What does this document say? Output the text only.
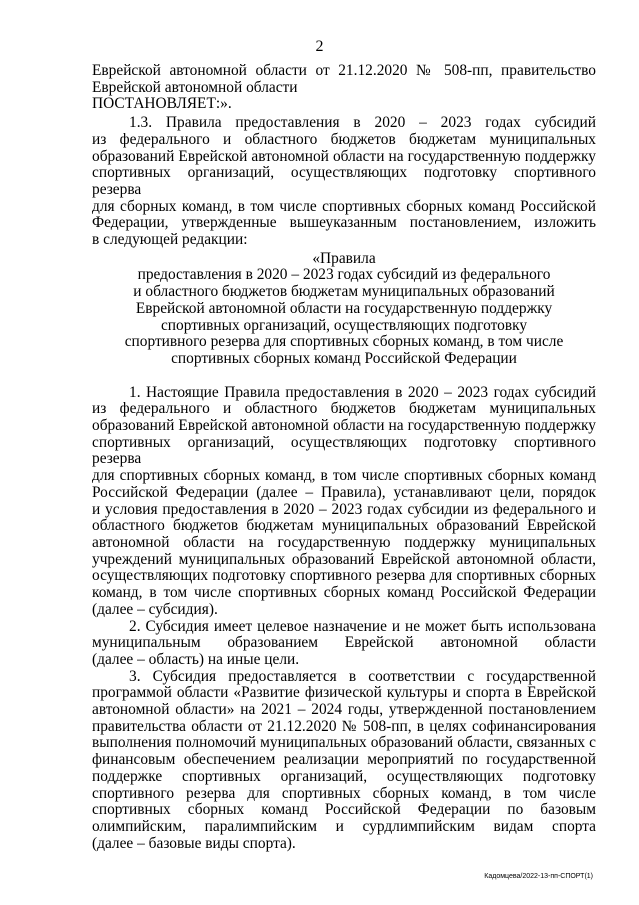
2

Еврейской автономной области от 21.12.2020 № 508-пп, правительство

Еврейской автономной области

ПОСТАНОВЛЯЕТ:».

1.3. Правила предоставления в 2020 – 2023 годах субсидий

из федерального и областного бюджетов бюджетам муниципальных

образований Еврейской автономной области на государственную поддержку

спортивных организаций, осуществляющих подготовку спортивного резерва

для сборных команд, в том числе спортивных сборных команд Российской

Федерации, утвержденные вышеуказанным постановлением, изложить

в следующей редакции:

«Правила

предоставления в 2020 – 2023 годах субсидий из федерального

и областного бюджетов бюджетам муниципальных образований

Еврейской автономной области на государственную поддержку

спортивных организаций, осуществляющих подготовку

спортивного резерва для спортивных сборных команд, в том числе

спортивных сборных команд Российской Федерации

1. Настоящие Правила предоставления в 2020 – 2023 годах субсидий

из федерального и областного бюджетов бюджетам муниципальных

образований Еврейской автономной области на государственную поддержку

спортивных организаций, осуществляющих подготовку спортивного резерва

для спортивных сборных команд, в том числе спортивных сборных команд

Российской Федерации (далее – Правила), устанавливают цели, порядок

и условия предоставления в 2020 – 2023 годах субсидии из федерального и

областного бюджетов бюджетам муниципальных образований Еврейской

автономной области на государственную поддержку муниципальных

учреждений муниципальных образований Еврейской автономной области,

осуществляющих подготовку спортивного резерва для спортивных сборных

команд, в том числе спортивных сборных команд Российской Федерации

(далее – субсидия).

2. Субсидия имеет целевое назначение и не может быть использована

муниципальным образованием Еврейской автономной области

(далее – область) на иные цели.

3. Субсидия предоставляется в соответствии с государственной

программой области «Развитие физической культуры и спорта в Еврейской

автономной области» на 2021 – 2024 годы, утвержденной постановлением

правительства области от 21.12.2020 № 508-пп, в целях софинансирования

выполнения полномочий муниципальных образований области, связанных с

финансовым обеспечением реализации мероприятий по государственной

поддержке спортивных организаций, осуществляющих подготовку

спортивного резерва для спортивных сборных команд, в том числе

спортивных сборных команд Российской Федерации по базовым

олимпийским, паралимпийским и сурдлимпийским видам спорта

(далее – базовые виды спорта).

Кадомцева/2022-13-пп-СПОРТ(1)
